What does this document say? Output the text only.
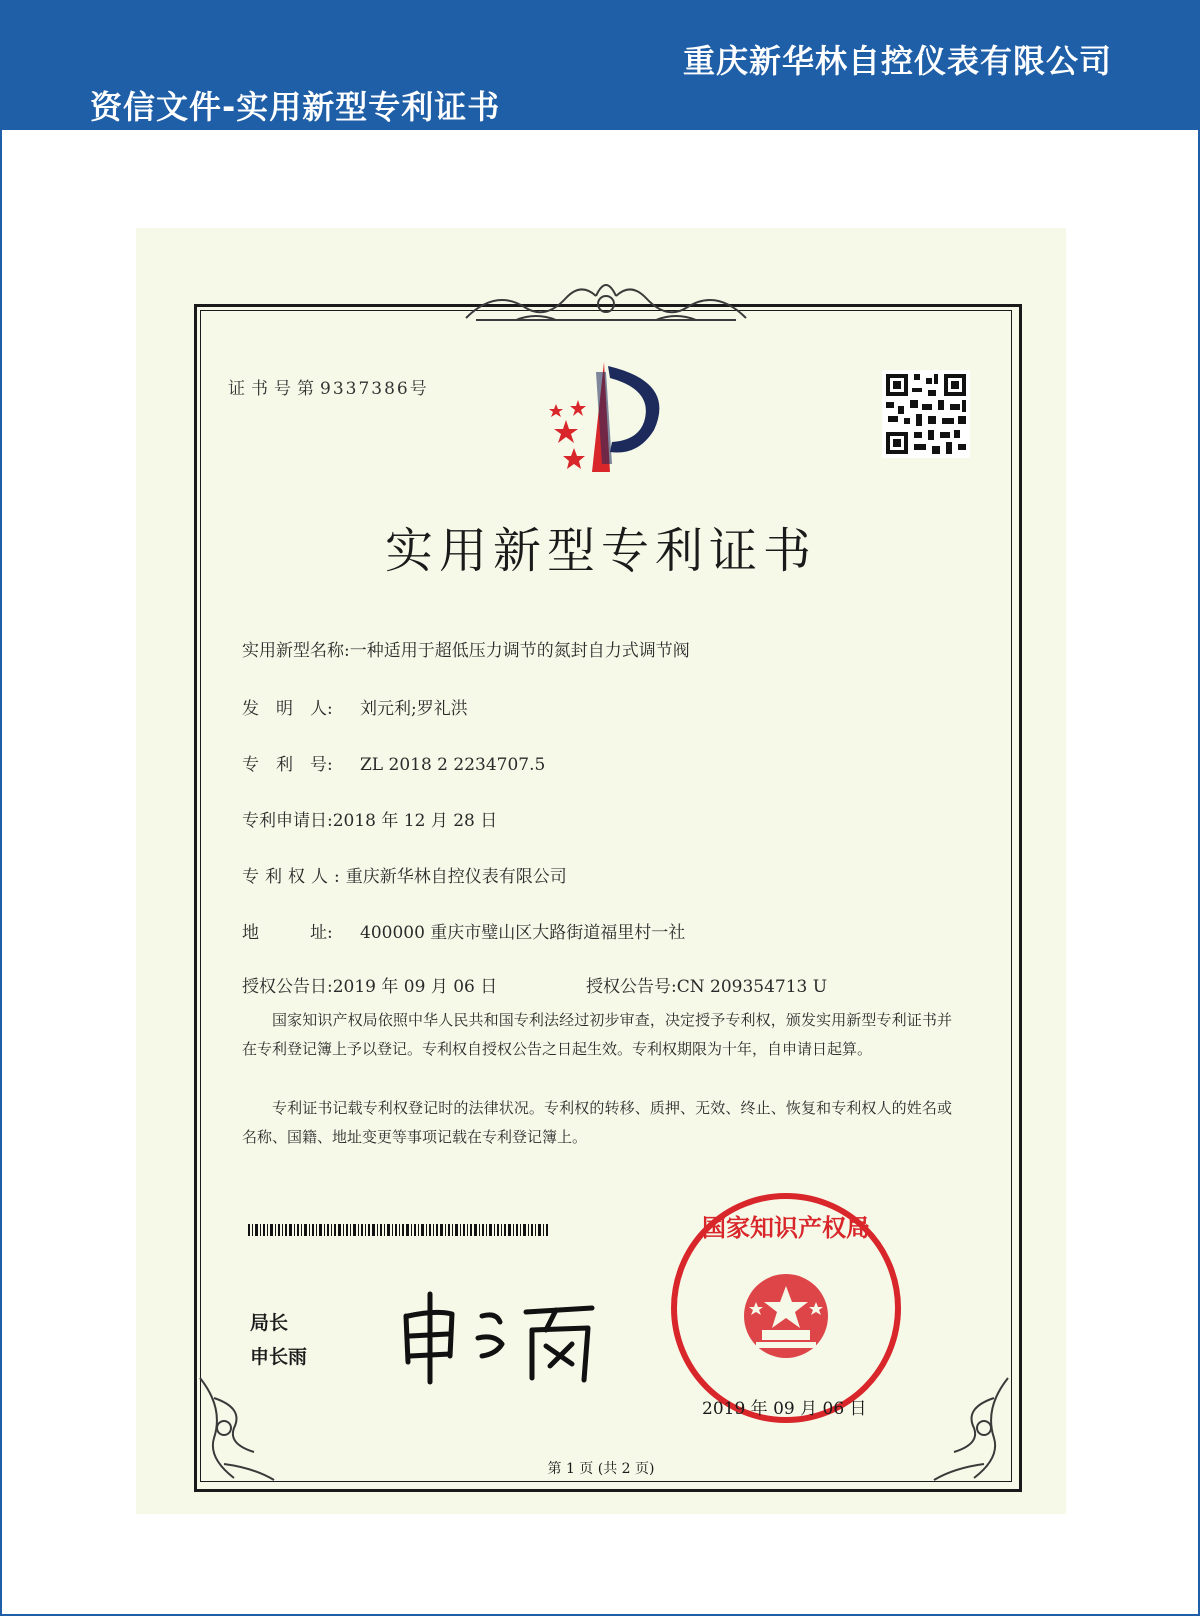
重庆新华林自控仪表有限公司
资信文件-实用新型专利证书
证书号第9337386号
实用新型专利证书
实用新型名称:一种适用于超低压力调节的氮封自力式调节阀
发　明　人: 刘元利;罗礼洪
专　利　号: ZL 2018 2 2234707.5
专利申请日:2018 年 12 月 28 日
专利权人:重庆新华林自控仪表有限公司
地　　　址: 400000 重庆市璧山区大路街道福里村一社
授权公告日:2019 年 09 月 06 日	授权公告号:CN 209354713 U
国家知识产权局依照中华人民共和国专利法经过初步审查，决定授予专利权，颁发实用新型专利证书并在专利登记簿上予以登记。专利权自授权公告之日起生效。专利权期限为十年，自申请日起算。
专利证书记载专利权登记时的法律状况。专利权的转移、质押、无效、终止、恢复和专利权人的姓名或名称、国籍、地址变更等事项记载在专利登记簿上。
局长
申长雨
国家知识产权局
2019 年 09 月 06 日
第 1 页 (共 2 页)
